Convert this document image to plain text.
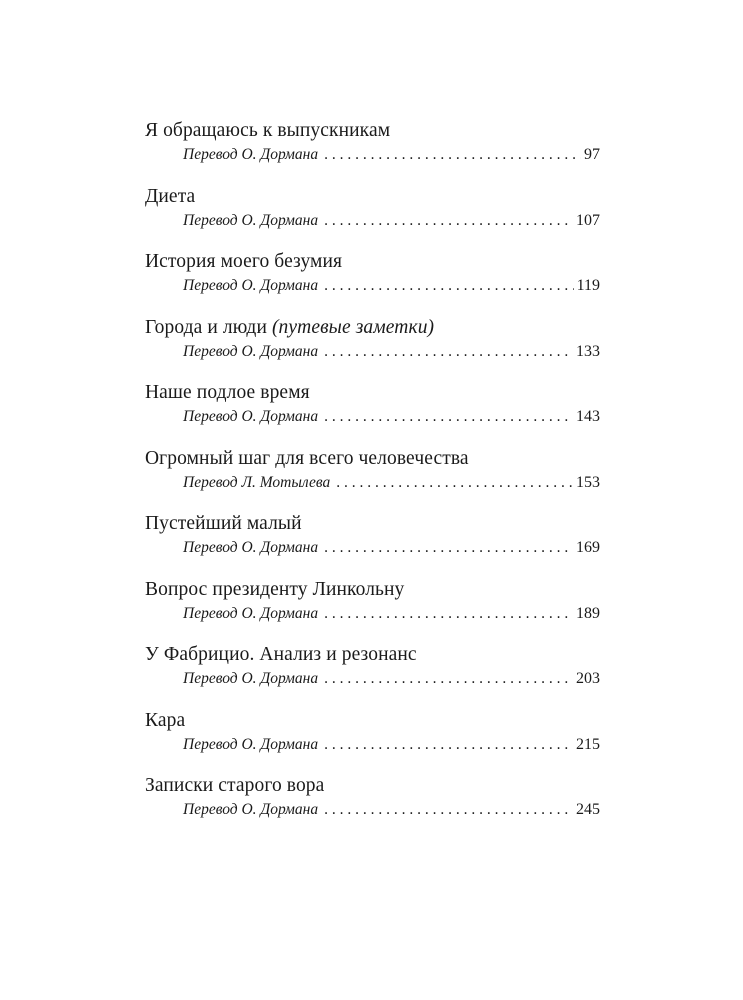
Я обращаюсь к выпускникам
Перевод О. Дормана . . .	97
Диета
Перевод О. Дормана . . .	107
История моего безумия
Перевод О. Дормана . . .	119
Города и люди (путевые заметки)
Перевод О. Дормана . . .	133
Наше подлое время
Перевод О. Дормана . . .	143
Огромный шаг для всего человечества
Перевод Л. Мотылева . . .	153
Пустейший малый
Перевод О. Дормана . . .	169
Вопрос президенту Линкольну
Перевод О. Дормана . . .	189
У Фабрицио. Анализ и резонанс
Перевод О. Дормана . . .	203
Кара
Перевод О. Дормана . . .	215
Записки старого вора
Перевод О. Дормана . . .	245
